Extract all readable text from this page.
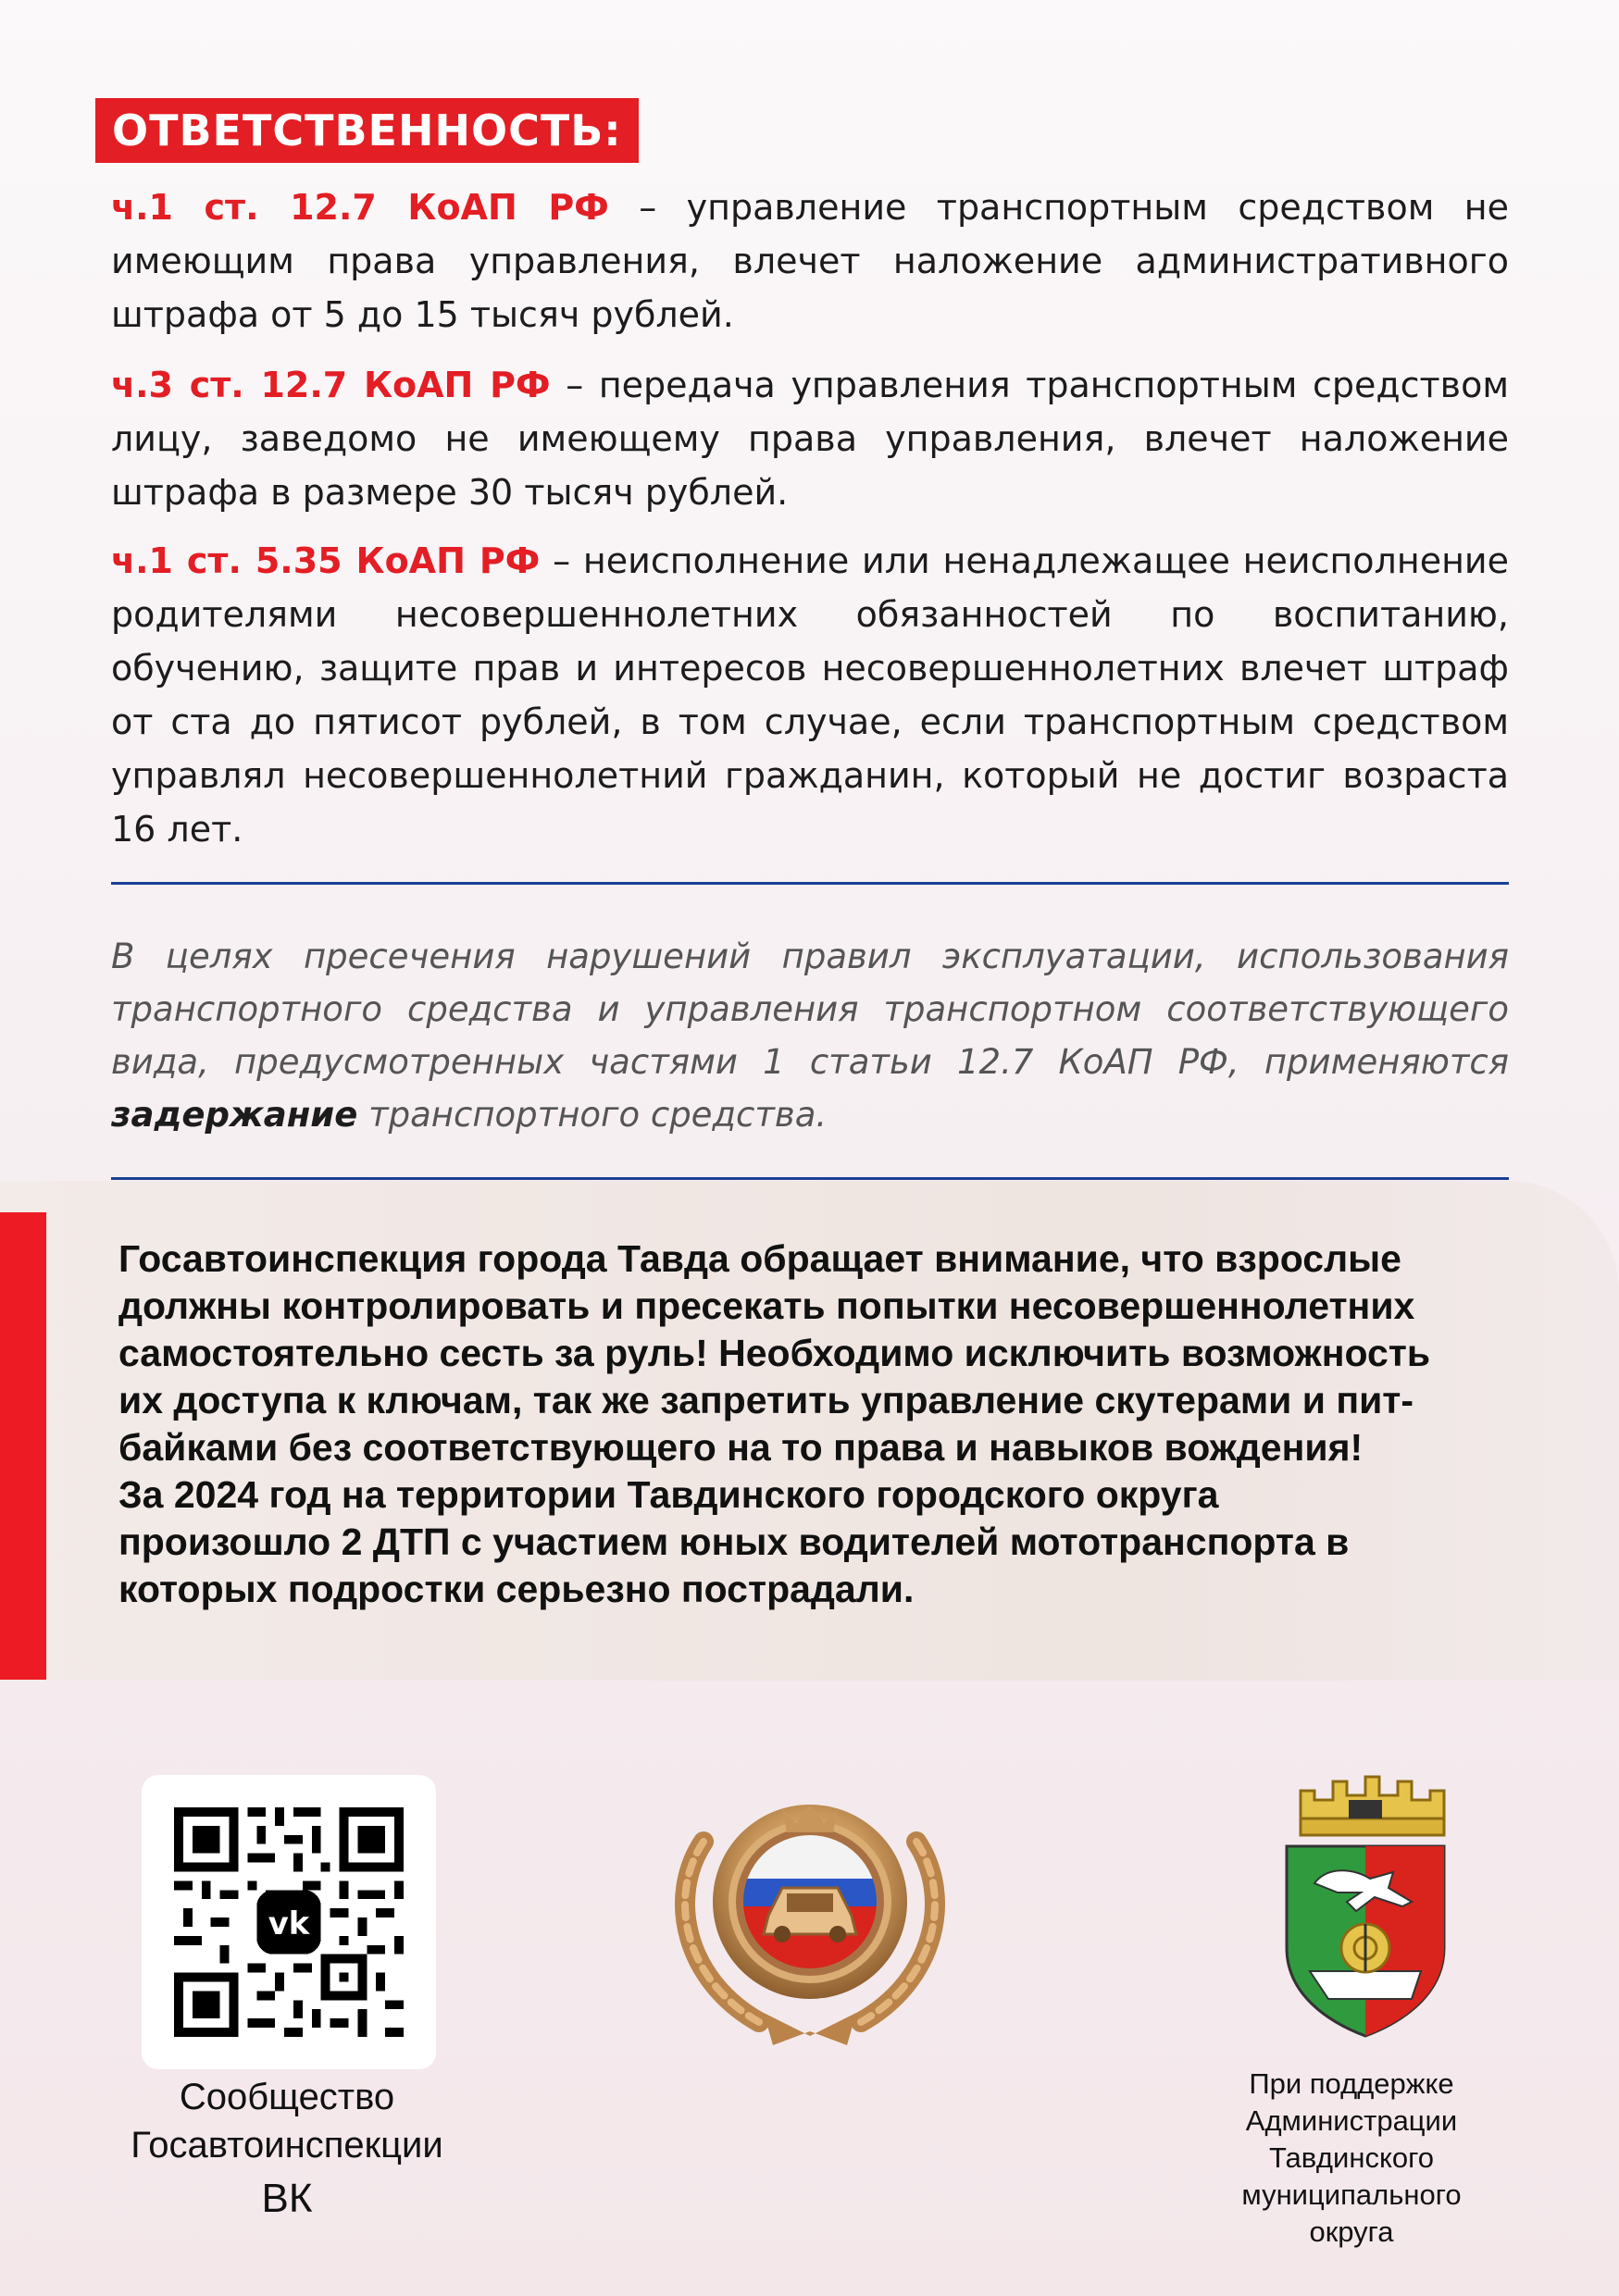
ОТВЕТСТВЕННОСТЬ:
ч.1 ст. 12.7 КоАП РФ – управление транспортным средством не имеющим права управления, влечет наложение административного штрафа от 5 до 15 тысяч рублей.
ч.3 ст. 12.7 КоАП РФ – передача управления транспортным средством лицу, заведомо не имеющему права управления, влечет наложение штрафа в размере 30 тысяч рублей.
ч.1 ст. 5.35 КоАП РФ – неисполнение или ненадлежащее неисполнение родителями несовершеннолетних обязанностей по воспитанию, обучению, защите прав и интересов несовершеннолетних влечет штраф от ста до пятисот рублей, в том случае, если транспортным средством управлял несовершеннолетний гражданин, который не достиг возраста 16 лет.
В целях пресечения нарушений правил эксплуатации, использования транспортного средства и управления транспортном соответствующего вида, предусмотренных частями 1 статьи 12.7 КоАП РФ, применяются задержание транспортного средства.
Госавтоинспекция города Тавда обращает внимание, что взрослые
должны контролировать и пресекать попытки несовершеннолетних
самостоятельно сесть за руль! Необходимо исключить возможность
их доступа к ключам, так же запретить управление скутерами и пит-
байками без соответствующего на то права и навыков вождения!
За 2024 год на территории Тавдинского городского округа
произошло 2 ДТП с участием юных водителей мототранспорта в
которых подростки серьезно пострадали.
vk
Сообщество
Госавтоинспекции
ВК
При поддержке
Администрации
Тавдинского
муниципального
округа
